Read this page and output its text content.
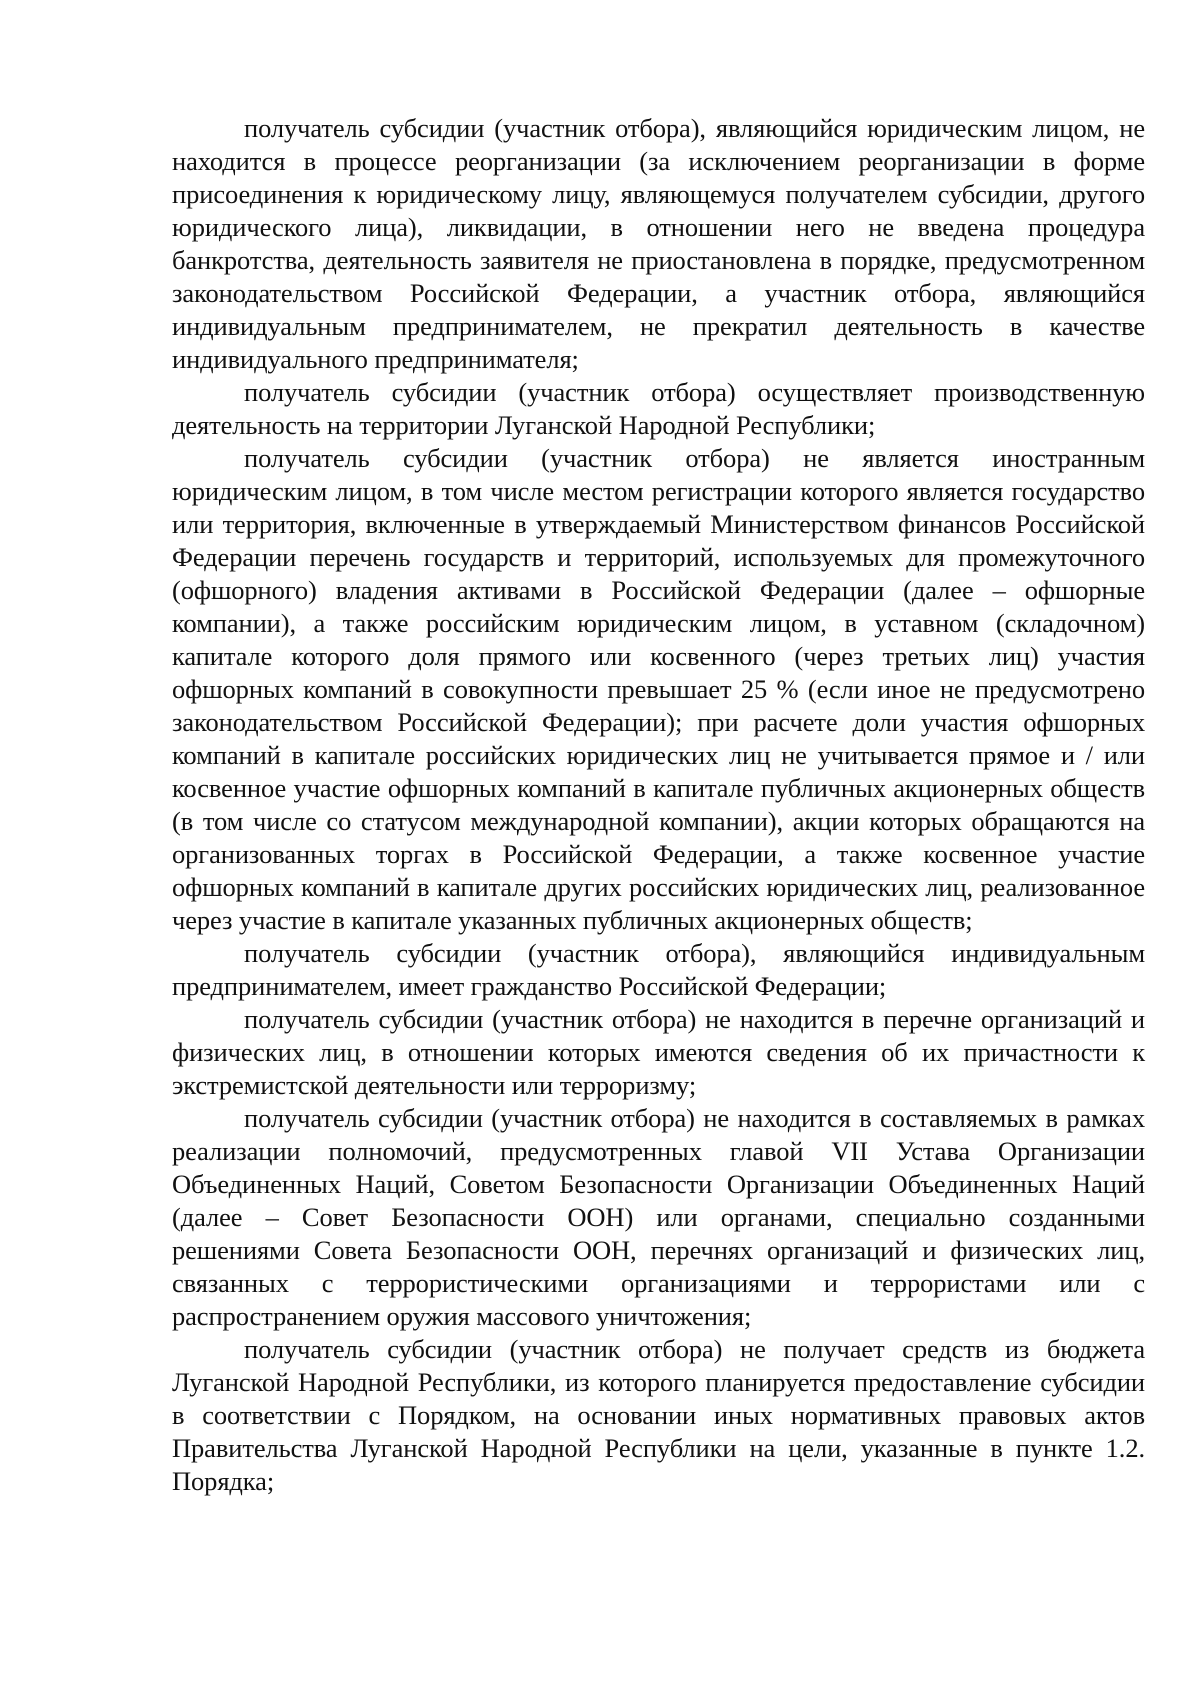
получатель субсидии (участник отбора), являющийся юридическим лицом, не находится в процессе реорганизации (за исключением реорганизации в форме присоединения к юридическому лицу, являющемуся получателем субсидии, другого юридического лица), ликвидации, в отношении него не введена процедура банкротства, деятельность заявителя не приостановлена в порядке, предусмотренном законодательством Российской Федерации, а участник отбора, являющийся индивидуальным предпринимателем, не прекратил деятельность в качестве индивидуального предпринимателя;

получатель субсидии (участник отбора) осуществляет производственную деятельность на территории Луганской Народной Республики;

получатель субсидии (участник отбора) не является иностранным юридическим лицом, в том числе местом регистрации которого является государство или территория, включенные в утверждаемый Министерством финансов Российской Федерации перечень государств и территорий, используемых для промежуточного (офшорного) владения активами в Российской Федерации (далее – офшорные компании), а также российским юридическим лицом, в уставном (складочном) капитале которого доля прямого или косвенного (через третьих лиц) участия офшорных компаний в совокупности превышает 25 % (если иное не предусмотрено законодательством Российской Федерации); при расчете доли участия офшорных компаний в капитале российских юридических лиц не учитывается прямое и / или косвенное участие офшорных компаний в капитале публичных акционерных обществ (в том числе со статусом международной компании), акции которых обращаются на организованных торгах в Российской Федерации, а также косвенное участие офшорных компаний в капитале других российских юридических лиц, реализованное через участие в капитале указанных публичных акционерных обществ;

получатель субсидии (участник отбора), являющийся индивидуальным предпринимателем, имеет гражданство Российской Федерации;

получатель субсидии (участник отбора) не находится в перечне организаций и физических лиц, в отношении которых имеются сведения об их причастности к экстремистской деятельности или терроризму;

получатель субсидии (участник отбора) не находится в составляемых в рамках реализации полномочий, предусмотренных главой VII Устава Организации Объединенных Наций, Советом Безопасности Организации Объединенных Наций (далее – Совет Безопасности ООН) или органами, специально созданными решениями Совета Безопасности ООН, перечнях организаций и физических лиц, связанных с террористическими организациями и террористами или с распространением оружия массового уничтожения;

получатель субсидии (участник отбора) не получает средств из бюджета Луганской Народной Республики, из которого планируется предоставление субсидии в соответствии с Порядком, на основании иных нормативных правовых актов Правительства Луганской Народной Республики на цели, указанные в пункте 1.2. Порядка;
